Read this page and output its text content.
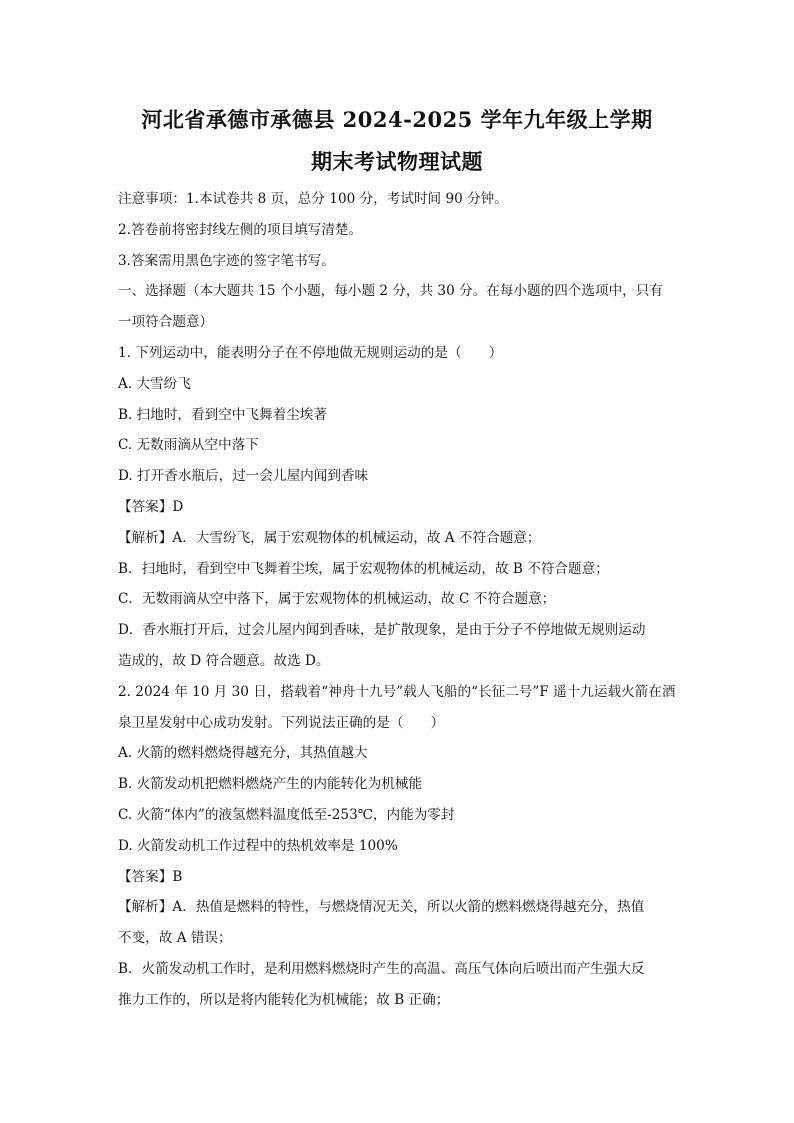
河北省承德市承德县 2024-2025 学年九年级上学期
期末考试物理试题
注意事项：1.本试卷共 8 页，总分 100 分，考试时间 90 分钟。
2.答卷前将密封线左侧的项目填写清楚。
3.答案需用黑色字迹的签字笔书写。
一、选择题（本大题共 15 个小题，每小题 2 分，共 30 分。在每小题的四个选项中，只有
一项符合题意）
1. 下列运动中，能表明分子在不停地做无规则运动的是（　　）
A. 大雪纷飞
B. 扫地时，看到空中飞舞着尘埃著
C. 无数雨滴从空中落下
D. 打开香水瓶后，过一会儿屋内闻到香味
【答案】D
【解析】A．大雪纷飞，属于宏观物体的机械运动，故 A 不符合题意；
B．扫地时，看到空中飞舞着尘埃，属于宏观物体的机械运动，故 B 不符合题意；
C．无数雨滴从空中落下，属于宏观物体的机械运动，故 C 不符合题意；
D．香水瓶打开后，过会儿屋内闻到香味，是扩散现象，是由于分子不停地做无规则运动
造成的，故 D 符合题意。故选 D。
2. 2024 年 10 月 30 日，搭载着“神舟十九号”载人飞船的“长征二号”F 遥十九运载火箭在酒
泉卫星发射中心成功发射。下列说法正确的是（　　）
A. 火箭的燃料燃烧得越充分，其热值越大
B. 火箭发动机把燃料燃烧产生的内能转化为机械能
C. 火箭“体内”的液氢燃料温度低至-253℃，内能为零封
D. 火箭发动机工作过程中的热机效率是 100%
【答案】B
【解析】A．热值是燃料的特性，与燃烧情况无关，所以火箭的燃料燃烧得越充分，热值
不变，故 A 错误；
B．火箭发动机工作时，是利用燃料燃烧时产生的高温、高压气体向后喷出而产生强大反
推力工作的，所以是将内能转化为机械能；故 B 正确；
